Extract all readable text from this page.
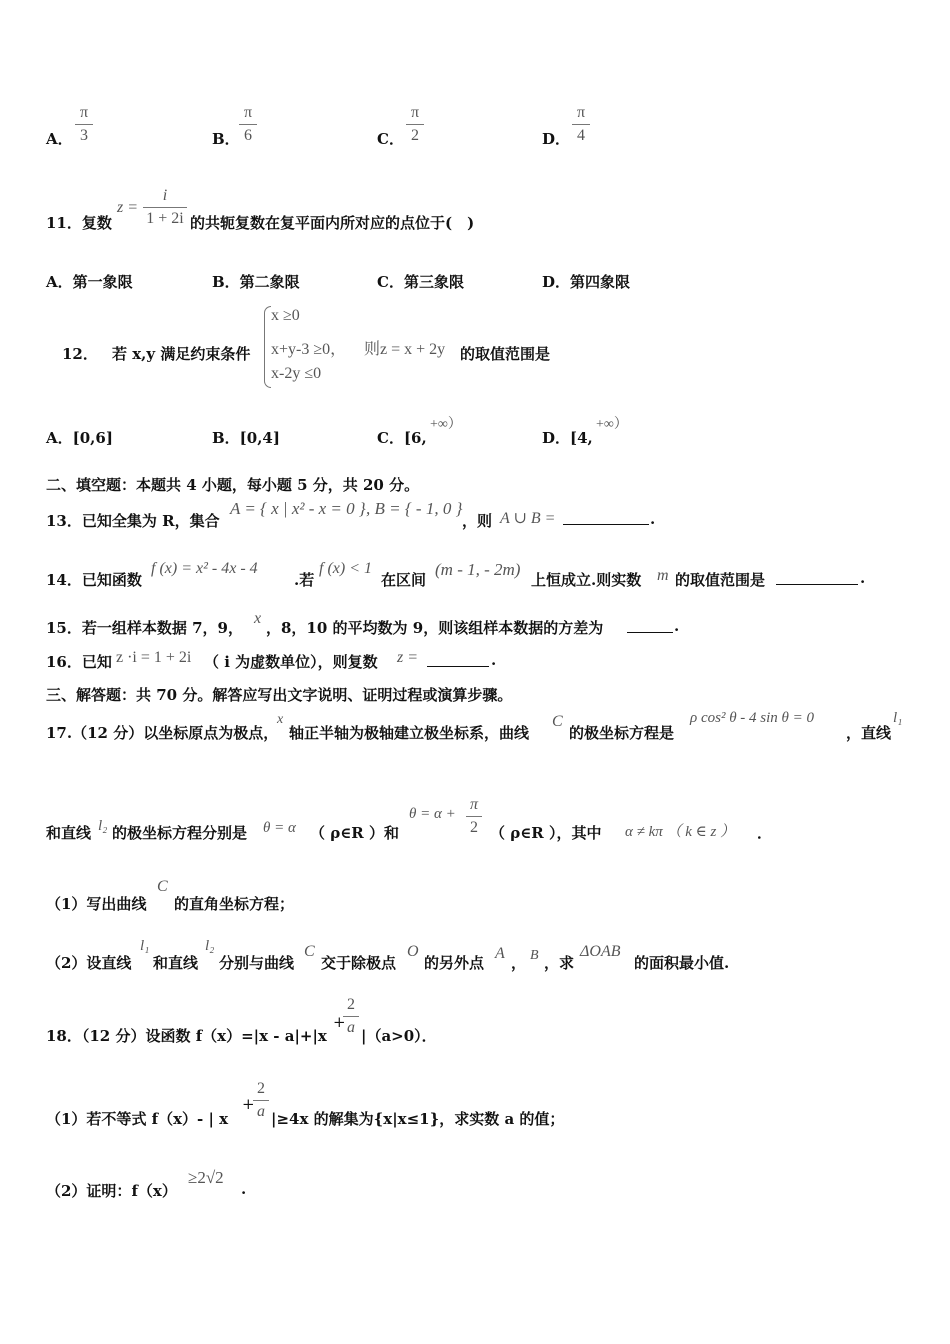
A．
π
3	B．
π
6	C．
π
2	D．
π
4
11．复数
z =
i
1 + 2i 的共轭复数在复平面内所对应的点位于(　)
A．第一象限	B．第二象限	C．第三象限	D．第四象限
12． 若 x,y 满足约束条件
x ≥0
x+y-3 ≥0， 则z = x + 2y
x-2y ≤0
的取值范围是
A．[0,6]	B．[0,4]	C．[6,
+∞）
D．[4,
+∞）
二、填空题：本题共 4 小题，每小题 5 分，共 20 分。
13．已知全集为 R，集合
A = { x | x² - x = 0 } , B = { - 1, 0 }
，则 A ∪ B =	.
14．已知函数
f (x) = x² - 4x - 4
.若
f (x) < 1
在区间
(m - 1, - 2m)
上恒成立.则实数 m 的取值范围是	.
15．若一组样本数据 7，9，
x
，8，10 的平均数为 9，则该组样本数据的方差为	.
16．已知 z ·i = 1 + 2i （ i 为虚数单位），则复数 z =	.
三、解答题：共 70 分。解答应写出文字说明、证明过程或演算步骤。
17.（12 分）以坐标原点为极点，
x
轴正半轴为极轴建立极坐标系，曲线
C
的极坐标方程是
ρ cos² θ - 4 sin θ = 0
，直线
l₁
和直线 l₂ 的极坐标方程分别是 θ = α （ ρ∈R ）和
θ = α +
π
2 （ ρ∈R ），其中 α ≠ kπ （ k ∈ z ） ．
（1）写出曲线
C
的直角坐标方程；
（2）设直线
l₁
和直线
l₂
分别与曲线
C
交于除极点
O
的另外点
A
， B ，求
ΔOAB
的面积最小值.
18．（12 分）设函数 f（x）=|x - a|+|x
+
2
a |（a>0）．
（1）若不等式 f（x）- | x
+
2
a |≥4x 的解集为{x|x≤1}，求实数 a 的值；
（2）证明：f（x）
≥2√2
.
